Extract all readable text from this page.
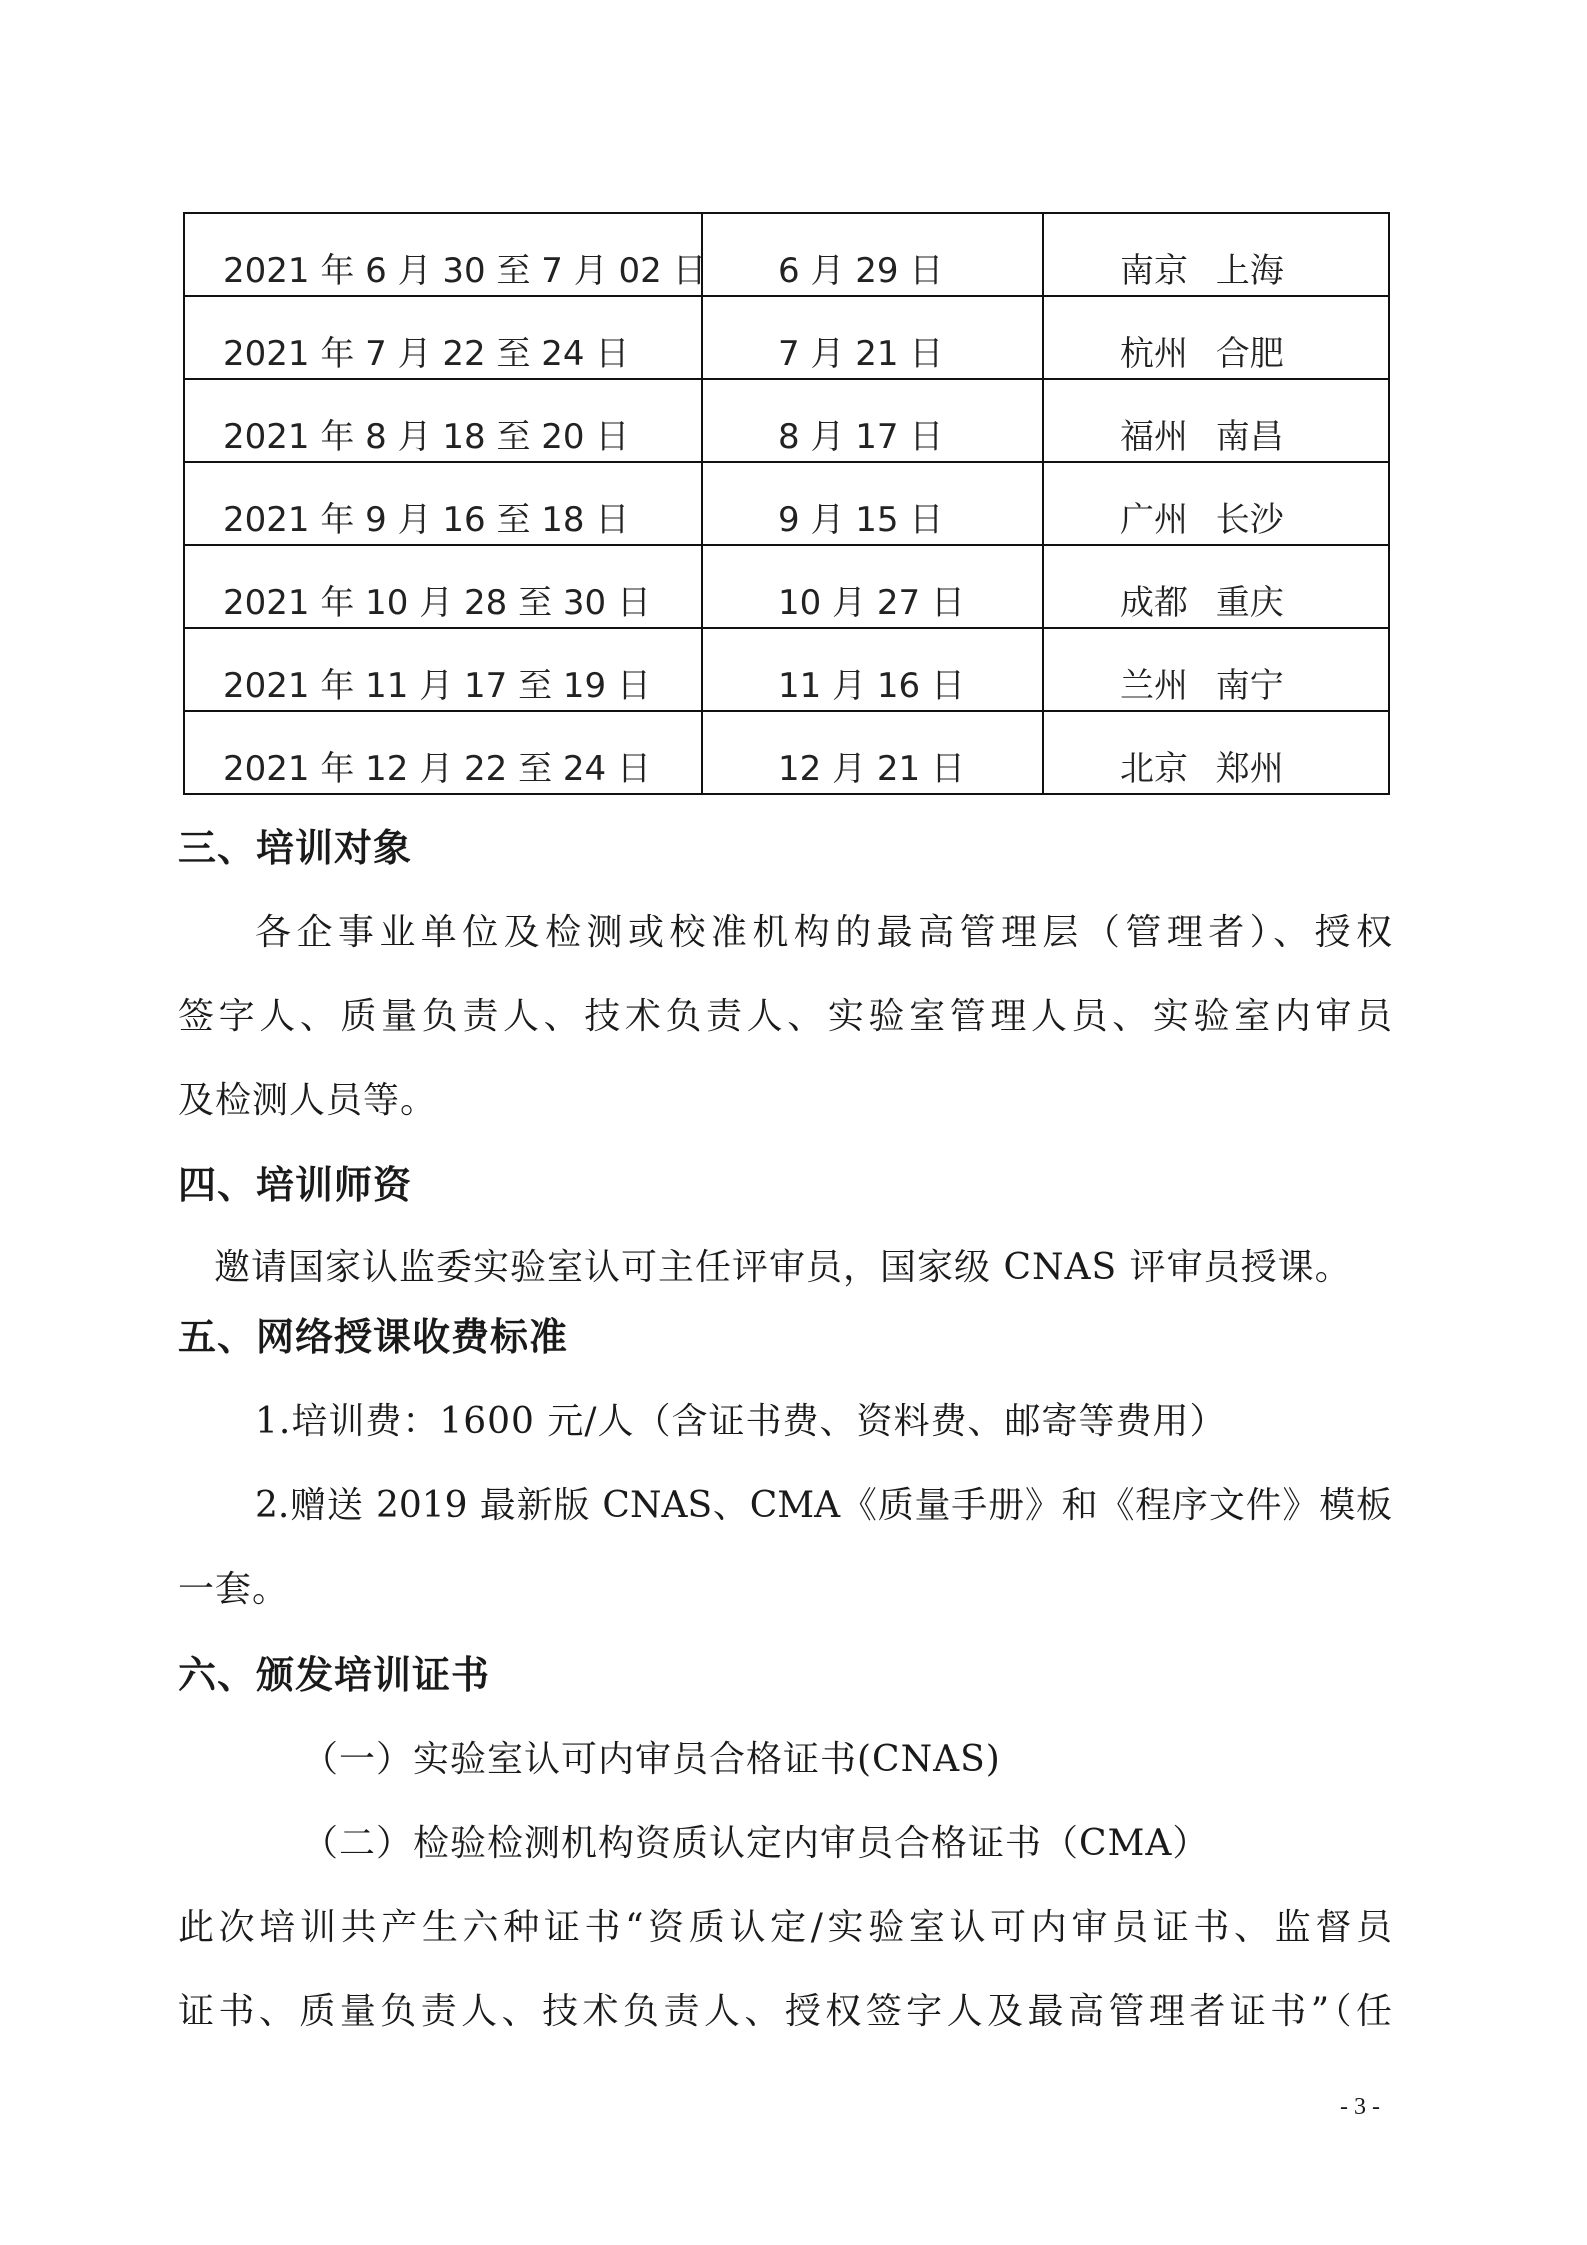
2021 年 6 月 30 至 7 月 02 日	6 月 29 日	南京 上海

2021 年 7 月 22 至 24 日	7 月 21 日	杭州 合肥

2021 年 8 月 18 至 20 日	8 月 17 日	福州 南昌

2021 年 9 月 16 至 18 日	9 月 15 日	广州 长沙

2021 年 10 月 28 至 30 日	10 月 27 日	成都 重庆

2021 年 11 月 17 至 19 日	11 月 16 日	兰州 南宁

2021 年 12 月 22 至 24 日	12 月 21 日	北京 郑州
三、培训对象
各企事业单位及检测或校准机构的最高管理层（管理者）、授权
签字人、质量负责人、技术负责人、实验室管理人员、实验室内审员
及检测人员等。
四、培训师资
邀请国家认监委实验室认可主任评审员，国家级 CNAS 评审员授课。
五、网络授课收费标准
1.培训费：1600 元/人（含证书费、资料费、邮寄等费用）
2.赠送 2019 最新版 CNAS、CMA《质量手册》和《程序文件》模板
一套。
六、颁发培训证书
（一）实验室认可内审员合格证书(CNAS)
（二）检验检测机构资质认定内审员合格证书（CMA）
此次培训共产生六种证书“资质认定/实验室认可内审员证书、监督员
证书、质量负责人、技术负责人、授权签字人及最高管理者证书”（任
- 3 -
